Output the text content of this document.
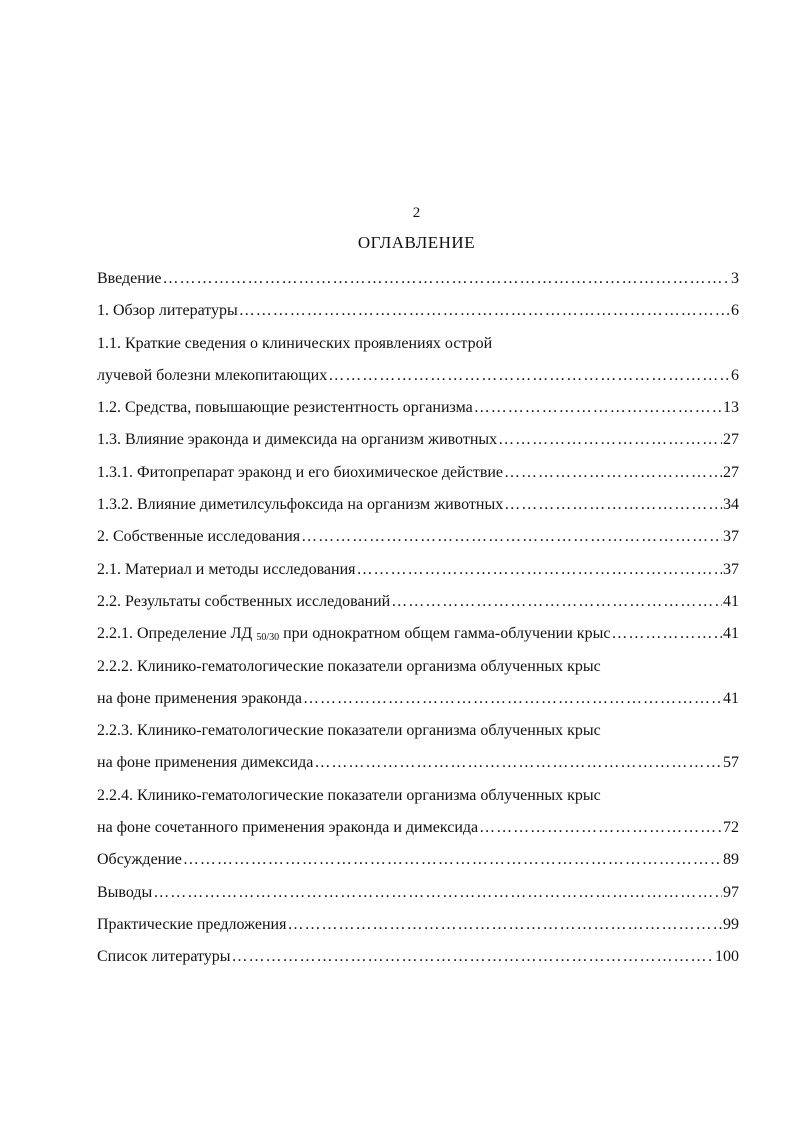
2
ОГЛАВЛЕНИЕ
Введение …………………………………………………………………………………………………………………………………………………………………………	3
1. Обзор литературы …………………………………………………………………………………………………………………………………………………………………………	6
1.1. Краткие сведения о клинических проявлениях острой
лучевой болезни млекопитающих …………………………………………………………………………………………………………………………………………………………………………	6
1.2. Средства, повышающие резистентность организма …………………………………………………………………………………………………………………………………………………………………………	13
1.3. Влияние эраконда и димексида на организм животных …………………………………………………………………………………………………………………………………………………………………………	27
1.3.1. Фитопрепарат эраконд и его биохимическое действие …………………………………………………………………………………………………………………………………………………………………………	27
1.3.2. Влияние диметилсульфоксида на организм животных …………………………………………………………………………………………………………………………………………………………………………	34
2. Собственные исследования …………………………………………………………………………………………………………………………………………………………………………	37
2.1. Материал и методы исследования …………………………………………………………………………………………………………………………………………………………………………	37
2.2. Результаты собственных исследований …………………………………………………………………………………………………………………………………………………………………………	41
2.2.1. Определение ЛД $_{50/30}$ при однократном общем гамма-облучении крыс …………………………………………………………………………………………………………………………………………………………………………	41
2.2.2. Клинико-гематологические показатели организма облученных крыс
на фоне применения эраконда …………………………………………………………………………………………………………………………………………………………………………	41
2.2.3. Клинико-гематологические показатели организма облученных крыс
на фоне применения димексида …………………………………………………………………………………………………………………………………………………………………………	57
2.2.4. Клинико-гематологические показатели организма облученных крыс
на фоне сочетанного применения эраконда и димексида …………………………………………………………………………………………………………………………………………………………………………	72
Обсуждение …………………………………………………………………………………………………………………………………………………………………………	89
Выводы …………………………………………………………………………………………………………………………………………………………………………	97
Практические предложения …………………………………………………………………………………………………………………………………………………………………………	99
Список литературы …………………………………………………………………………………………………………………………………………………………………………	100
